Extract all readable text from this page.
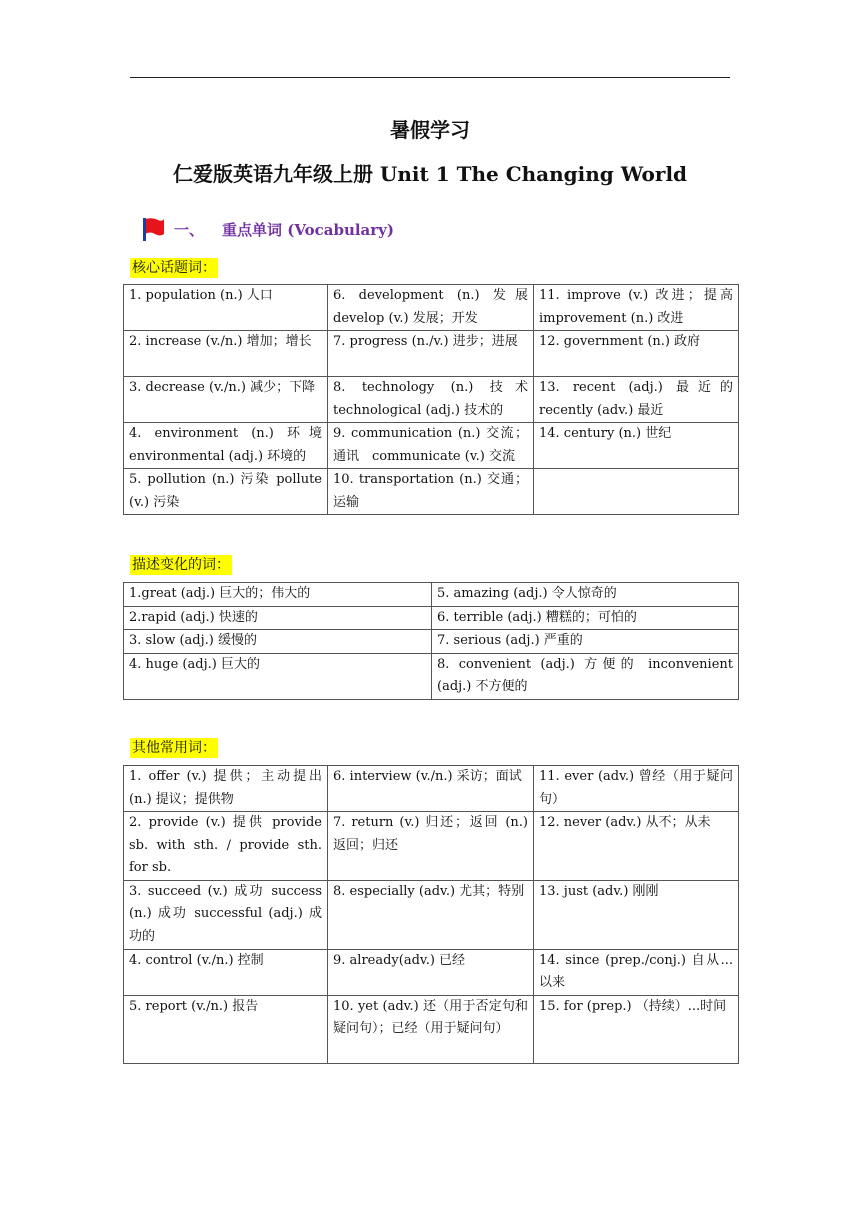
暑假学习
仁爱版英语九年级上册 Unit 1 The Changing World
一、 重点单词 (Vocabulary)
核心话题词：
1. population (n.) 人口	6. development (n.) 发展 develop (v.) 发展；开发	11. improve (v.) 改进；提高 improvement (n.) 改进
2. increase (v./n.) 增加；增长	7. progress (n./v.) 进步；进展	12. government (n.) 政府
3. decrease (v./n.) 减少；下降	8. technology (n.) 技术 technological (adj.) 技术的	13. recent (adj.) 最近的 recently (adv.) 最近
4. environment (n.) 环境 environmental (adj.) 环境的	9. communication (n.) 交流；通讯　communicate (v.) 交流	14. century (n.) 世纪
5. pollution (n.) 污染 pollute (v.) 污染	10. transportation (n.) 交通；运输	
描述变化的词：
1.great (adj.) 巨大的；伟大的	5. amazing (adj.) 令人惊奇的
2.rapid (adj.) 快速的	6. terrible (adj.) 糟糕的；可怕的
3. slow (adj.) 缓慢的	7. serious (adj.) 严重的
4. huge (adj.) 巨大的	8. convenient (adj.) 方便的 inconvenient (adj.) 不方便的
其他常用词：
1. offer (v.) 提供；主动提出 (n.) 提议；提供物	6. interview (v./n.) 采访；面试	11. ever (adv.) 曾经（用于疑问句）
2. provide (v.) 提供 provide sb. with sth. / provide sth. for sb.	7. return (v.) 归还；返回 (n.) 返回；归还	12. never (adv.) 从不；从未
3. succeed (v.) 成功 success (n.) 成功 successful (adj.) 成功的	8. especially (adv.) 尤其；特别	13. just (adv.) 刚刚
4. control (v./n.) 控制	9. already(adv.) 已经	14. since (prep./conj.) 自从...以来
5. report (v./n.) 报告	10. yet (adv.) 还（用于否定句和疑问句）；已经（用于疑问句）	15. for (prep.) （持续）...时间
